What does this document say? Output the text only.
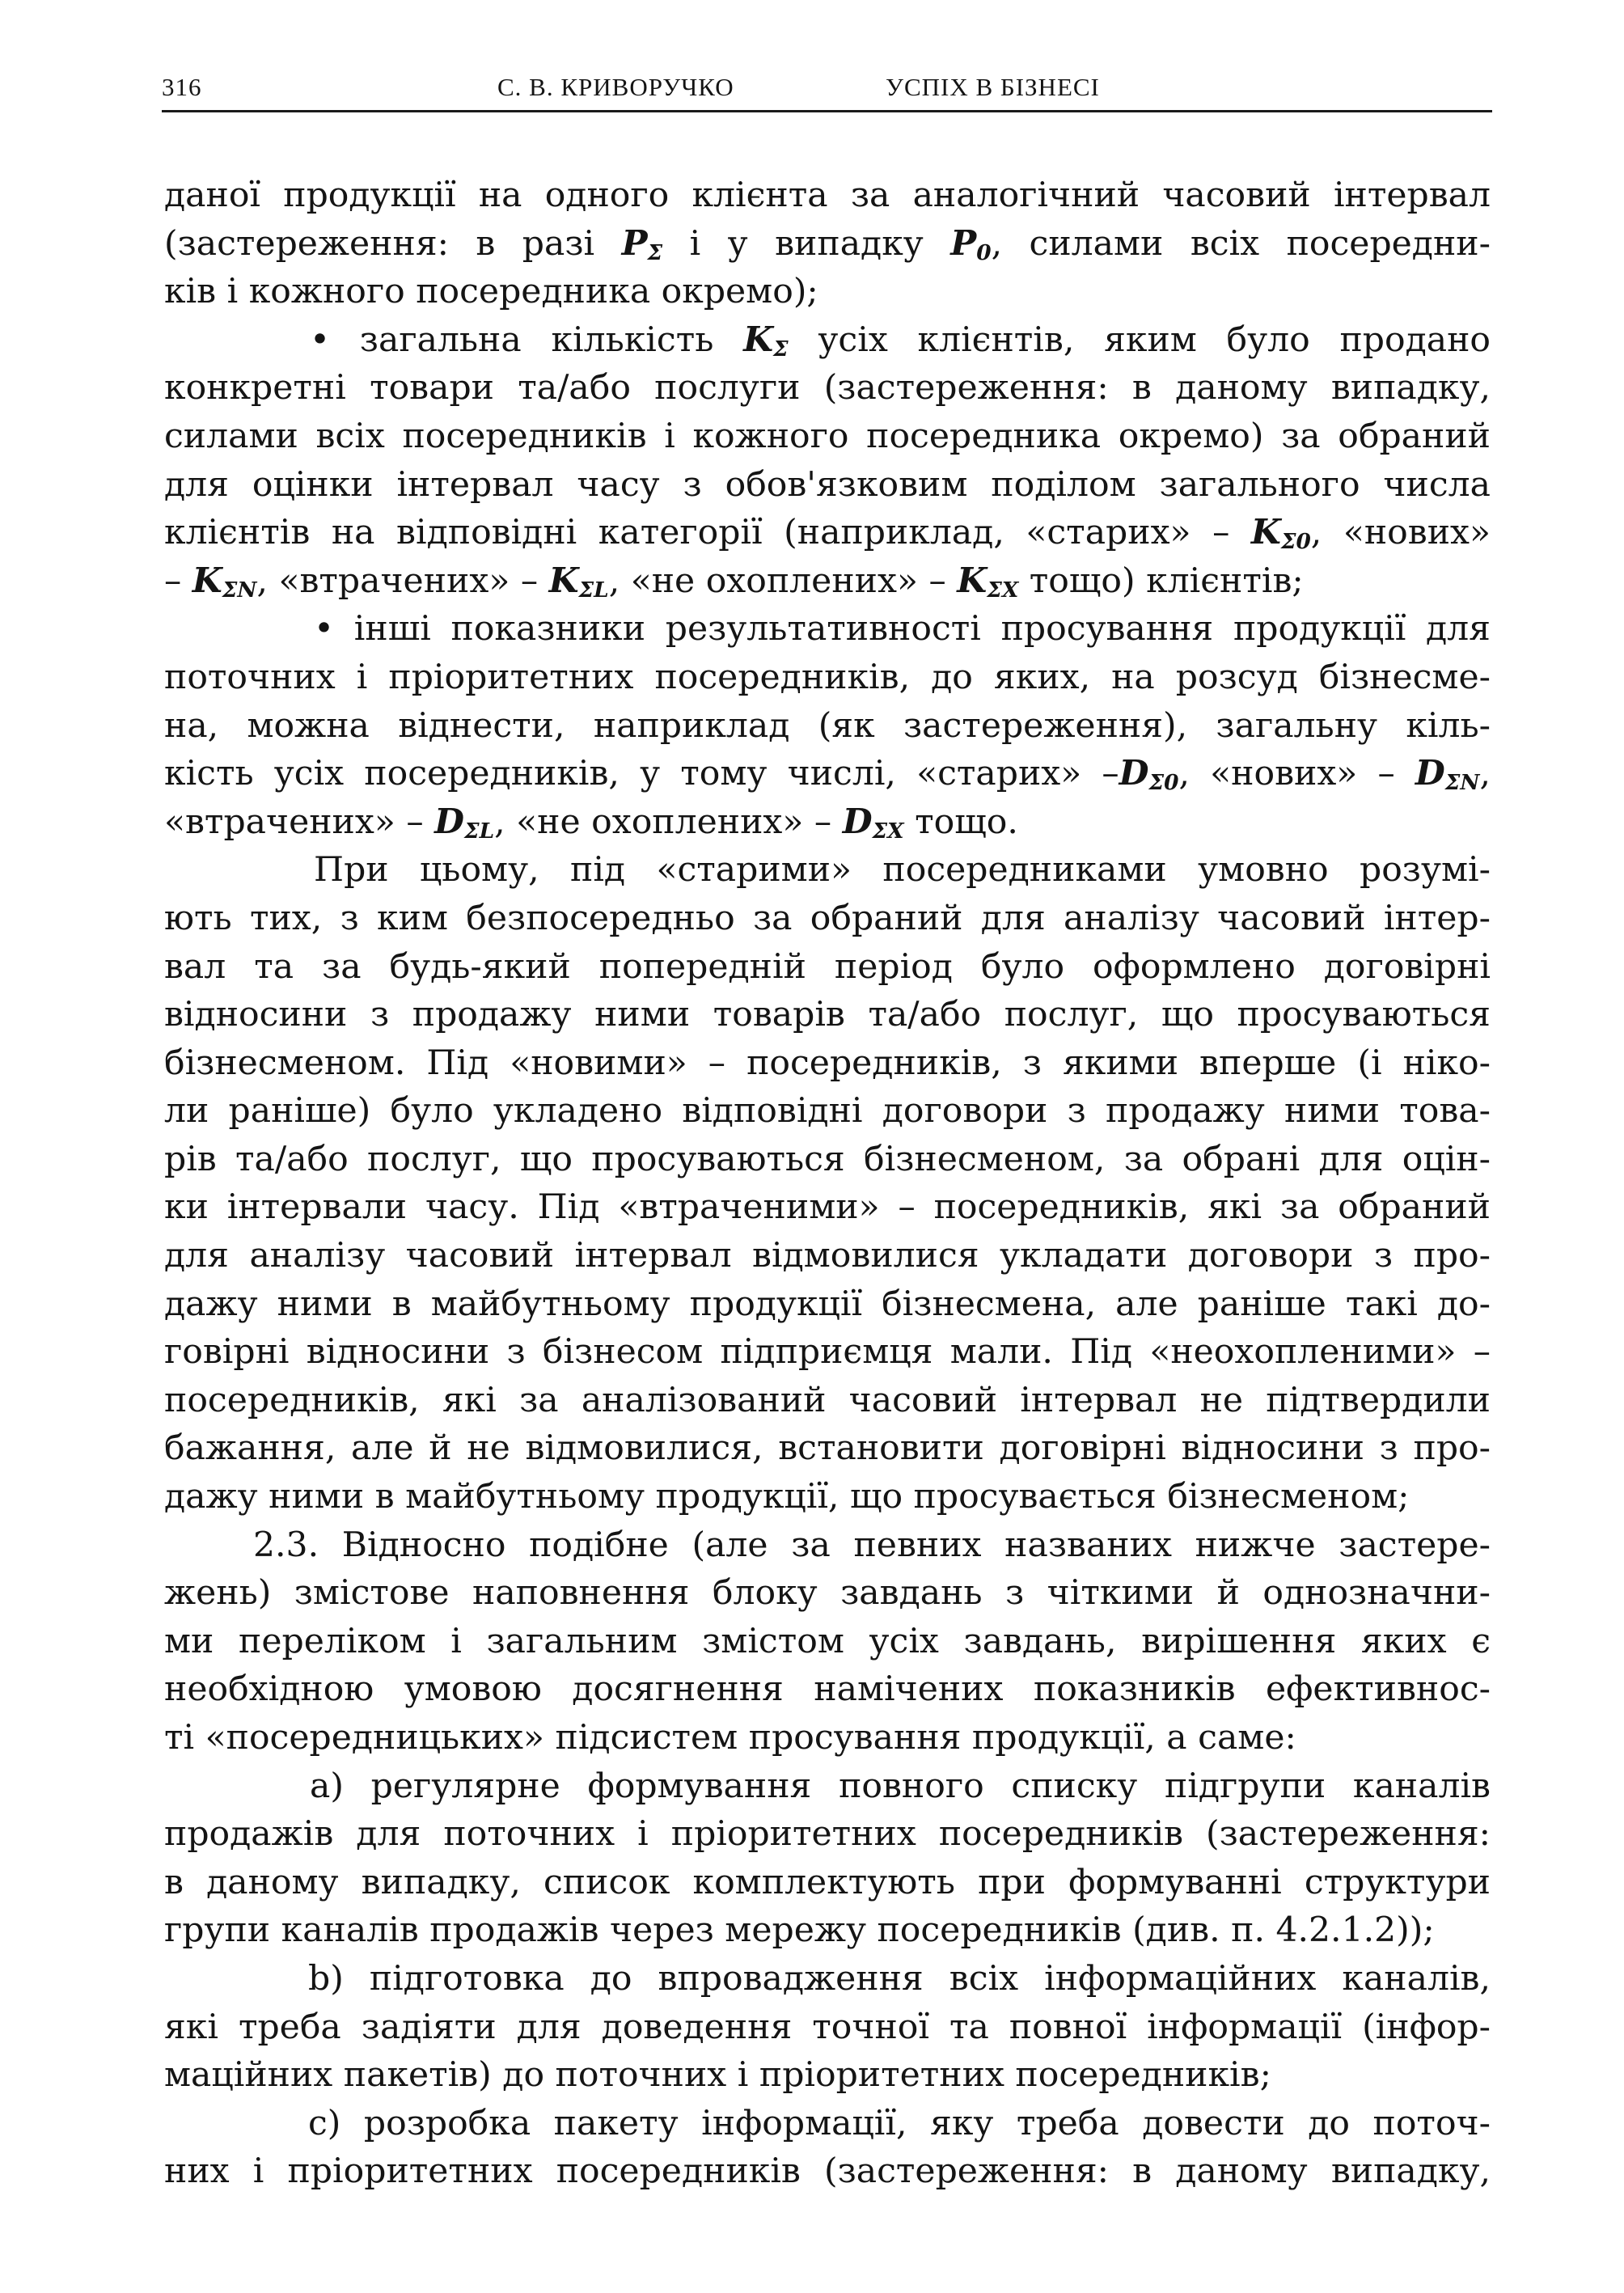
316	С. В. КРИВОРУЧКО	УСПІХ В БІЗНЕСІ
даної продукції на одного клієнта за аналогічний часовий інтервал
(застереження: в разі $P_\Sigma$ і у випадку $P_0$, силами всіх посередни-
ків і кожного посередника окремо);
• загальна кількість $K_\Sigma$ усіх клієнтів, яким було продано
конкретні товари та/або послуги (застереження: в даному випадку,
силами всіх посередників і кожного посередника окремо) за обраний
для оцінки інтервал часу з обов'язковим поділом загального числа
клієнтів на відповідні категорії (наприклад, «старих» – $K_{\Sigma 0}$, «нових»
– $K_{\Sigma N}$, «втрачених» – $K_{\Sigma L}$, «не охоплених» – $K_{\Sigma X}$ тощо) клієнтів;
• інші показники результативності просування продукції для
поточних і пріоритетних посередників, до яких, на розсуд бізнесме-
на, можна віднести, наприклад (як застереження), загальну кіль-
кість усіх посередників, у тому числі, «старих» $-D_{\Sigma 0}$, «нових» – $D_{\Sigma N}$,
«втрачених» – $D_{\Sigma L}$, «не охоплених» – $D_{\Sigma X}$ тощо.
При цьому, під «старими» посередниками умовно розумі-
ють тих, з ким безпосередньо за обраний для аналізу часовий інтер-
вал та за будь-який попередній період було оформлено договірні
відносини з продажу ними товарів та/або послуг, що просуваються
бізнесменом. Під «новими» – посередників, з якими вперше (і ніко-
ли раніше) було укладено відповідні договори з продажу ними това-
рів та/або послуг, що просуваються бізнесменом, за обрані для оцін-
ки інтервали часу. Під «втраченими» – посередників, які за обраний
для аналізу часовий інтервал відмовилися укладати договори з про-
дажу ними в майбутньому продукції бізнесмена, але раніше такі до-
говірні відносини з бізнесом підприємця мали. Під «неохопленими» –
посередників, які за аналізований часовий інтервал не підтвердили
бажання, але й не відмовилися, встановити договірні відносини з про-
дажу ними в майбутньому продукції, що просувається бізнесменом;
2.3. Відносно подібне (але за певних названих нижче застере-
жень) змістове наповнення блоку завдань з чіткими й однозначни-
ми переліком і загальним змістом усіх завдань, вирішення яких є
необхідною умовою досягнення намічених показників ефективнос-
ті «посередницьких» підсистем просування продукції, а саме:
а) регулярне формування повного списку підгрупи каналів
продажів для поточних і пріоритетних посередників (застереження:
в даному випадку, список комплектують при формуванні структури
групи каналів продажів через мережу посередників (див. п. 4.2.1.2));
b) підготовка до впровадження всіх інформаційних каналів,
які треба задіяти для доведення точної та повної інформації (інфор-
маційних пакетів) до поточних і пріоритетних посередників;
c) розробка пакету інформації, яку треба довести до поточ-
них і пріоритетних посередників (застереження: в даному випадку,
